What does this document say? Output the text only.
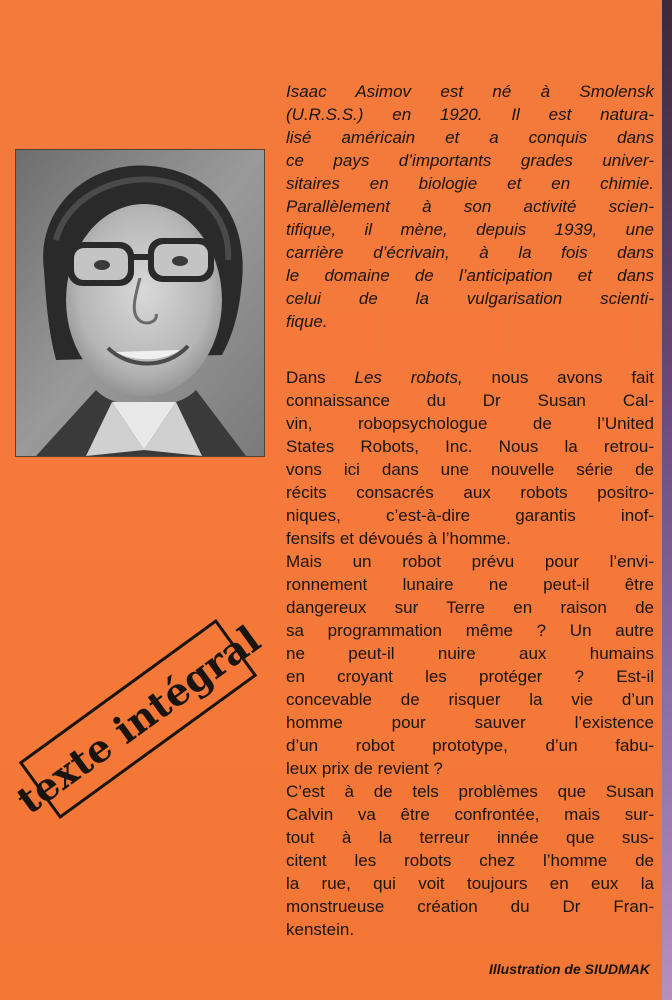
Isaac Asimov est né à Smolensk
(U.R.S.S.) en 1920. Il est natura-
lisé américain et a conquis dans
ce pays d’importants grades univer-
sitaires en biologie et en chimie.
Parallèlement à son activité scien-
tifique, il mène, depuis 1939, une
carrière d’écrivain, à la fois dans
le domaine de l’anticipation et dans
celui de la vulgarisation scienti-
fique.

Dans Les robots, nous avons fait
connaissance du Dr Susan Cal-
vin, robopsychologue de l’United
States Robots, Inc. Nous la retrou-
vons ici dans une nouvelle série de
récits consacrés aux robots positro-
niques, c’est-à-dire garantis inof-
fensifs et dévoués à l’homme.
Mais un robot prévu pour l’envi-
ronnement lunaire ne peut-il être
dangereux sur Terre en raison de
sa programmation même ? Un autre
ne peut-il nuire aux humains
en croyant les protéger ? Est-il
concevable de risquer la vie d’un
homme pour sauver l’existence
d’un robot prototype, d’un fabu-
leux prix de revient ?
C’est à de tels problèmes que Susan
Calvin va être confrontée, mais sur-
tout à la terreur innée que sus-
citent les robots chez l’homme de
la rue, qui voit toujours en eux la
monstrueuse création du Dr Fran-
kenstein.
texte intégral
Illustration de SIUDMAK
